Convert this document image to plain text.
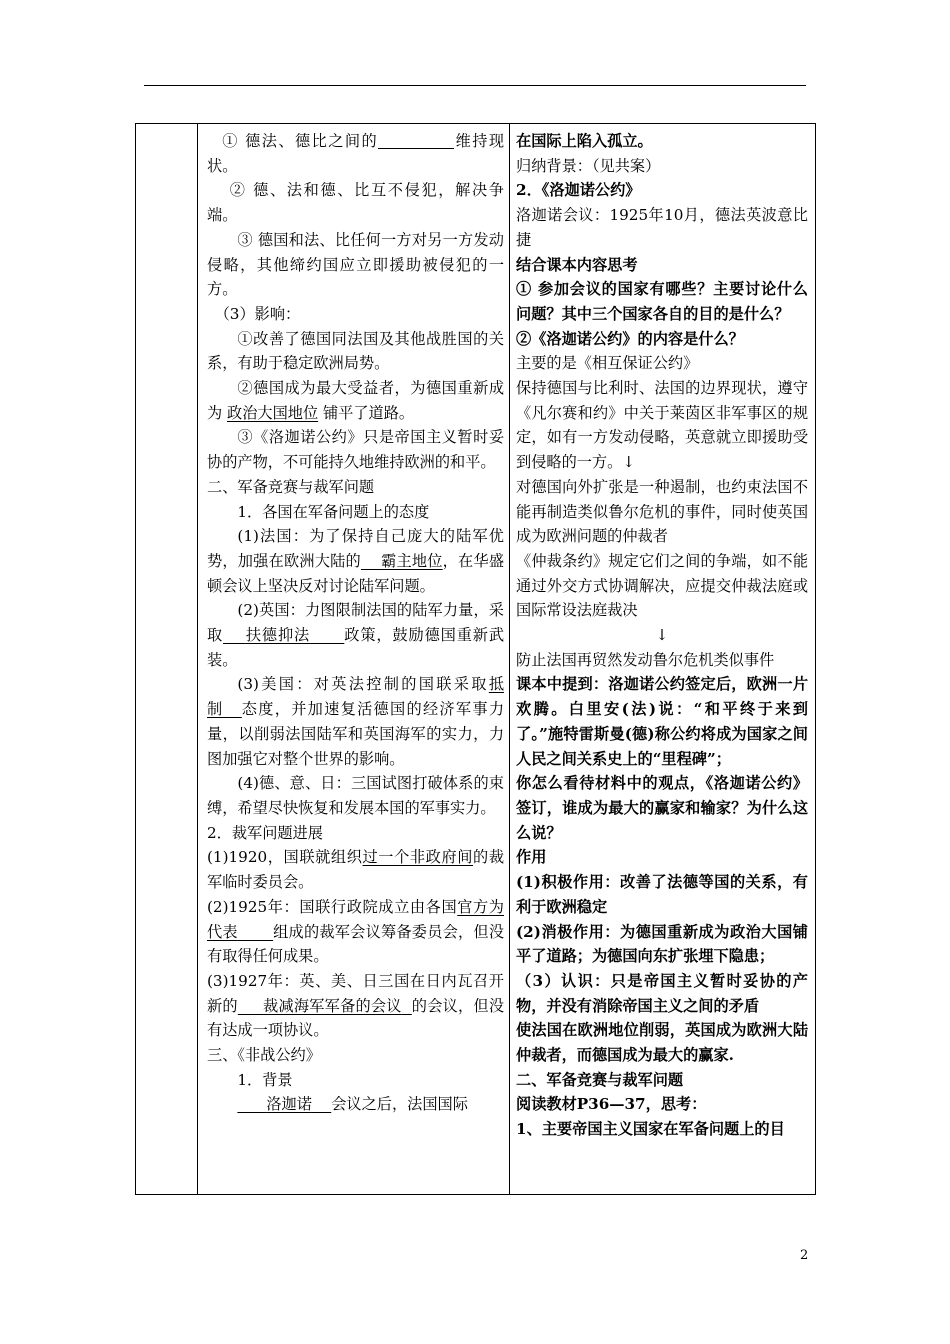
① 德法、德比之间的	维持现状。

② 德、法和德、比互不侵犯，解决争端。

③ 德国和法、比任何一方对另一方发动侵略，其他缔约国应立即援助被侵犯的一方。

（3）影响：

①改善了德国同法国及其他战胜国的关系，有助于稳定欧洲局势。

②德国成为最大受益者，为德国重新成为 政治大国地位 铺平了道路。

③《洛迦诺公约》只是帝国主义暂时妥协的产物，不可能持久地维持欧洲的和平。

二、军备竞赛与裁军问题

1．各国在军备问题上的态度

(1)法国：为了保持自己庞大的陆军优势，加强在欧洲大陆的 霸主地位，在华盛顿会议上坚决反对讨论陆军问题。

(2)英国：力图限制法国的陆军力量，采取 扶德抑法 政策，鼓励德国重新武装。

(3)美国：对英法控制的国联采取抵制 态度，并加速复活德国的经济军事力量，以削弱法国陆军和英国海军的实力，力图加强它对整个世界的影响。

(4)德、意、日：三国试图打破体系的束缚，希望尽快恢复和发展本国的军事实力。

2．裁军问题进展

(1)1920，国联就组织过一个非政府间的裁军临时委员会。

(2)1925年：国联行政院成立由各国官方为代表 组成的裁军会议筹备委员会，但没有取得任何成果。

(3)1927年：英、美、日三国在日内瓦召开新的 裁减海军军备的会议 的会议，但没有达成一项协议。

三、《非战公约》

1．背景

洛迦诺 会议之后，法国国际

在国际上陷入孤立。

归纳背景：（见共案）

2．《洛迦诺公约》

洛迦诺会议：1925年10月，德法英波意比捷

结合课本内容思考

① 参加会议的国家有哪些？主要讨论什么问题？其中三个国家各自的目的是什么？

②《洛迦诺公约》的内容是什么？

主要的是《相互保证公约》

保持德国与比利时、法国的边界现状，遵守《凡尔赛和约》中关于莱茵区非军事区的规定，如有一方发动侵略，英意就立即援助受到侵略的一方。↓

对德国向外扩张是一种遏制，也约束法国不能再制造类似鲁尔危机的事件，同时使英国成为欧洲问题的仲裁者

《仲裁条约》规定它们之间的争端，如不能通过外交方式协调解决，应提交仲裁法庭或国际常设法庭裁决

↓

防止法国再贸然发动鲁尔危机类似事件

课本中提到：洛迦诺公约签定后，欧洲一片欢腾。白里安(法)说：“和平终于来到了。”施特雷斯曼(德)称公约将成为国家之间人民之间关系史上的“里程碑”；

你怎么看待材料中的观点，《洛迦诺公约》签订，谁成为最大的赢家和输家？为什么这么说？

作用

(1)积极作用：改善了法德等国的关系，有利于欧洲稳定

(2)消极作用：为德国重新成为政治大国铺平了道路；为德国向东扩张埋下隐患；

（3）认识：只是帝国主义暂时妥协的产物，并没有消除帝国主义之间的矛盾

使法国在欧洲地位削弱，英国成为欧洲大陆仲裁者，而德国成为最大的赢家.

二、军备竞赛与裁军问题

阅读教材P36—37，思考：

1、主要帝国主义国家在军备问题上的目

2
